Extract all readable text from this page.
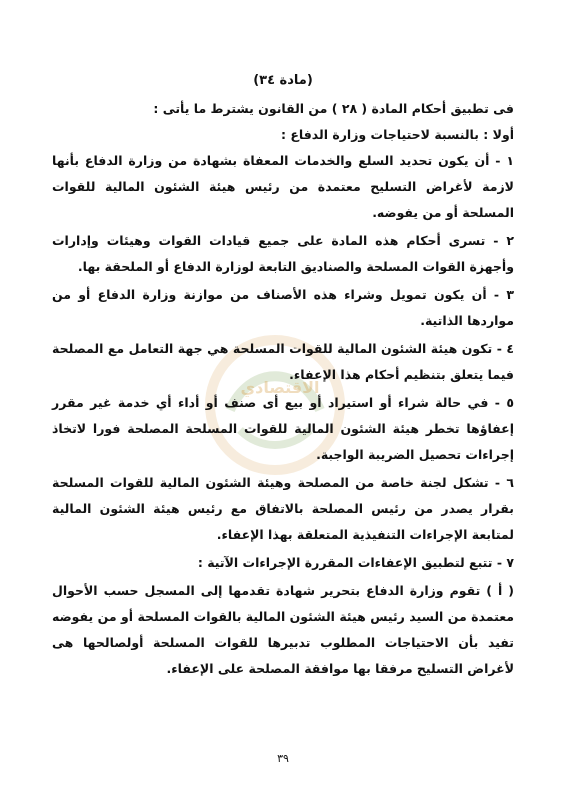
الاقتصادي
(مادة ٣٤)

فى تطبيق أحكام المادة ( ٢٨ ) من القانون يشترط ما يأتى :

أولا : بالنسبة لاحتياجات وزارة الدفاع :

١ - أن يكون تحديد السلع والخدمات المعفاة بشهادة من وزارة الدفاع بأنها لازمة لأغراض التسليح معتمدة من رئيس هيئة الشئون المالية للقوات المسلحة أو من يفوضه.

٢ - تسرى أحكام هذه المادة على جميع قيادات القوات وهيئات وإدارات وأجهزة القوات المسلحة والصناديق التابعة لوزارة الدفاع أو الملحقة بها.

٣ - أن يكون تمويل وشراء هذه الأصناف من موازنة وزارة الدفاع أو من مواردها الذاتية.

٤ - تكون هيئة الشئون المالية للقوات المسلحة هي جهة التعامل مع المصلحة فيما يتعلق بتنظيم أحكام هذا الإعفاء.

٥ - في حالة شراء أو استيراد أو بيع أى صنف أو أداء أي خدمة غير مقرر إعفاؤها تخطر هيئة الشئون المالية للقوات المسلحة المصلحة فورا لاتخاذ إجراءات تحصيل الضريبة الواجبة.

٦ - تشكل لجنة خاصة من المصلحة وهيئة الشئون المالية للقوات المسلحة بقرار يصدر من رئيس المصلحة بالاتفاق مع رئيس هيئة الشئون المالية لمتابعة الإجراءات التنفيذية المتعلقة بهذا الإعفاء.

٧ - تتبع لتطبيق الإعفاءات المقررة الإجراءات الآتية :

( أ ) تقوم وزارة الدفاع بتحرير شهادة تقدمها إلى المسجل حسب الأحوال معتمدة من السيد رئيس هيئة الشئون المالية بالقوات المسلحة أو من يفوضه تفيد بأن الاحتياجات المطلوب تدبيرها للقوات المسلحة أولصالحها هى لأغراض التسليح مرفقا بها موافقة المصلحة على الإعفاء.

٣٩
